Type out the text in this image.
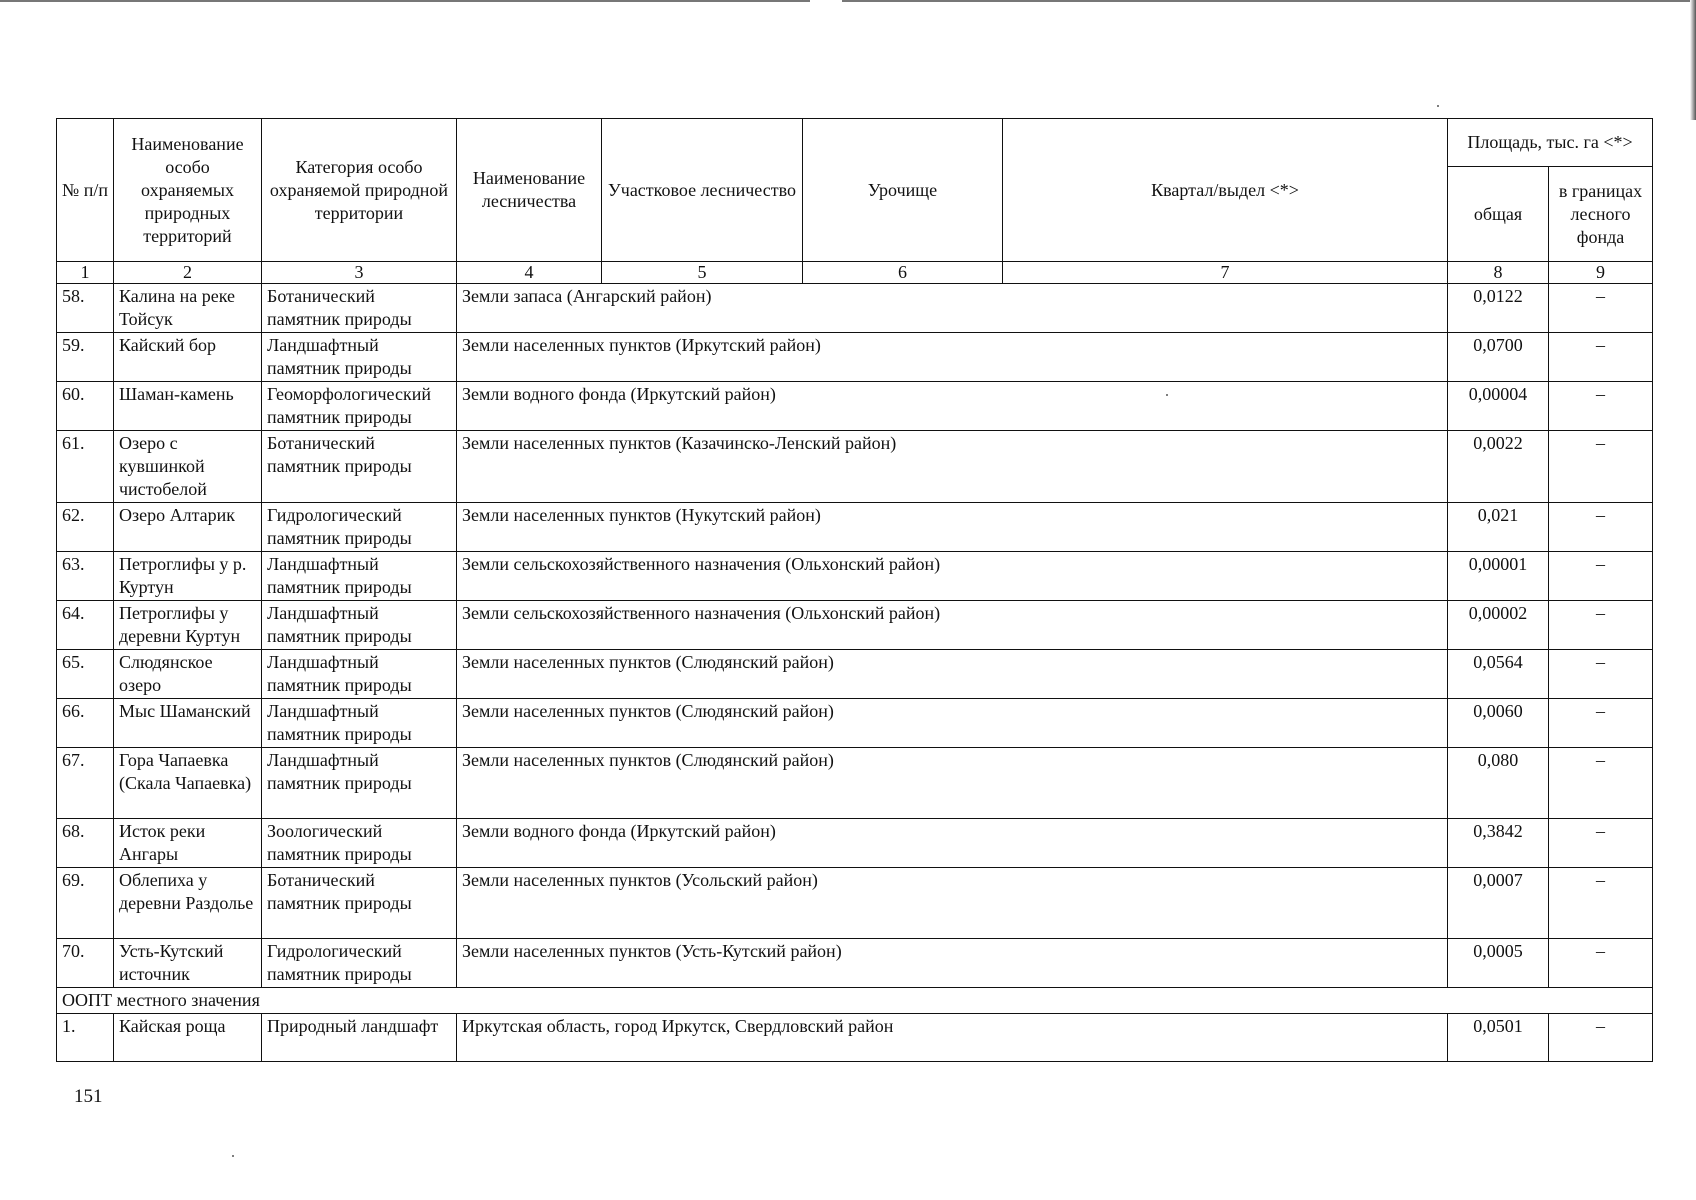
№ п/п	Наименование особо охраняемых природных территорий	Категория особо охраняемой природной территории	Наименование лесничества	Участковое лесничество	Урочище	Квартал/выдел <*>	Площадь, тыс. га <*>	
							общая	в границах лесного фонда
1	2	3	4	5	6	7	8	9
58.	Калина на реке Тойсук	Ботанический памятник природы	Земли запаса (Ангарский район)				0,0122	–
59.	Кайский бор	Ландшафтный памятник природы	Земли населенных пунктов (Иркутский район)				0,0700	–
60.	Шаман-камень	Геоморфологический памятник природы	Земли водного фонда (Иркутский район)				0,00004	–
61.	Озеро с кувшинкой чистобелой	Ботанический памятник природы	Земли населенных пунктов (Казачинско-Ленский район)				0,0022	–
62.	Озеро Алтарик	Гидрологический памятник природы	Земли населенных пунктов (Нукутский район)				0,021	–
63.	Петроглифы у р. Куртун	Ландшафтный памятник природы	Земли сельскохозяйственного назначения (Ольхонский район)				0,00001	–
64.	Петроглифы у деревни Куртун	Ландшафтный памятник природы	Земли сельскохозяйственного назначения (Ольхонский район)				0,00002	–
65.	Слюдянское озеро	Ландшафтный памятник природы	Земли населенных пунктов (Слюдянский район)				0,0564	–
66.	Мыс Шаманский	Ландшафтный памятник природы	Земли населенных пунктов (Слюдянский район)				0,0060	–
67.	Гора Чапаевка (Скала Чапаевка)	Ландшафтный памятник природы	Земли населенных пунктов (Слюдянский район)				0,080	–
68.	Исток реки Ангары	Зоологический памятник природы	Земли водного фонда (Иркутский район)				0,3842	–
69.	Облепиха у деревни Раздолье	Ботанический памятник природы	Земли населенных пунктов (Усольский район)				0,0007	–
70.	Усть-Кутский источник	Гидрологический памятник природы	Земли населенных пунктов (Усть-Кутский район)				0,0005	–
ООПТ местного значения								
1.	Кайская роща	Природный ландшафт	Иркутская область, город Иркутск, Свердловский район				0,0501	–
151
